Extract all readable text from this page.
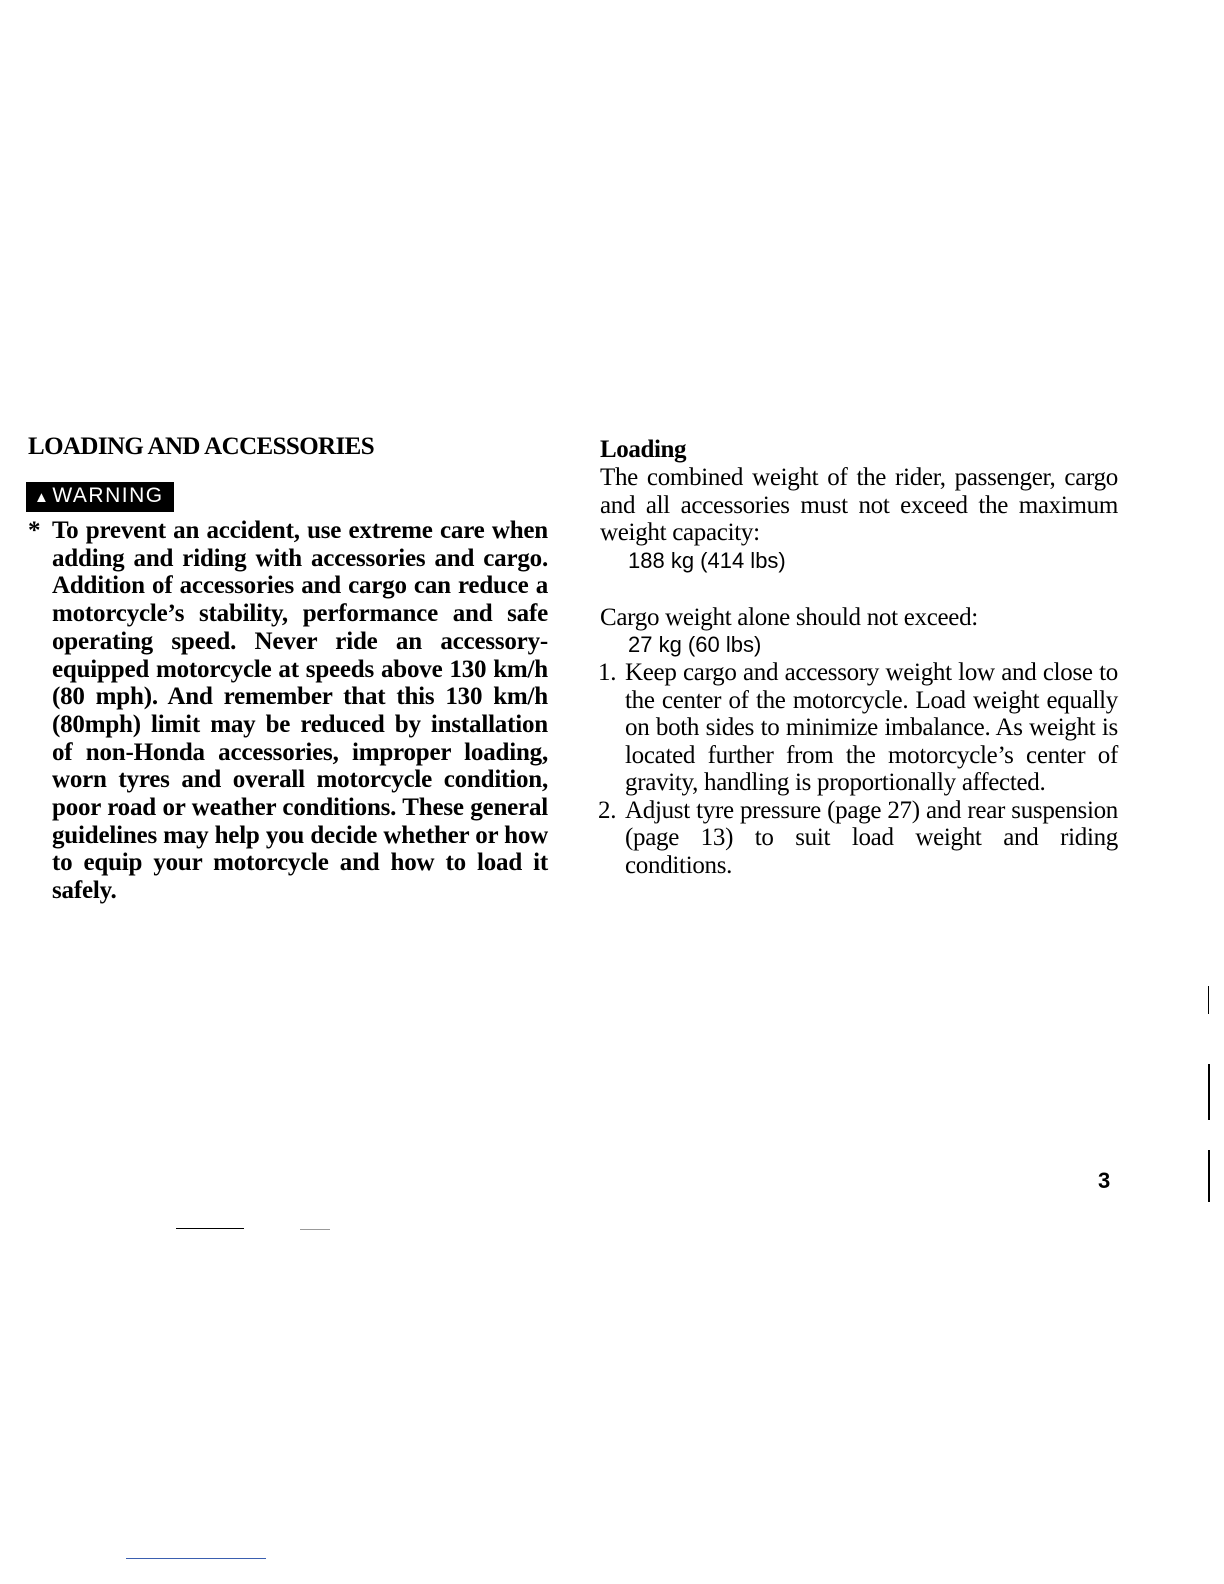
LOADING AND ACCESSORIES
▲WARNING

* To prevent an accident, use extreme care when adding and riding with accessories and cargo. Addition of accessories and cargo can reduce a motorcycle’s stability, performance and safe operating speed. Never ride an accessory-equipped motorcycle at speeds above 130 km/h (80 mph). And remember that this 130 km/h (80mph) limit may be reduced by installation of non-Honda accessories, improper loading, worn tyres and overall motorcycle condition, poor road or weather conditions. These general guidelines may help you decide whether or how to equip your motorcycle and how to load it safely.

Loading

The combined weight of the rider, passenger, cargo and all accessories must not exceed the maximum weight capacity:

188 kg (414 lbs)

Cargo weight alone should not exceed:

27 kg (60 lbs)

1. Keep cargo and accessory weight low and close to the center of the motorcycle. Load weight equally on both sides to minimize imbalance. As weight is located further from the motorcycle’s center of gravity, handling is proportionally affected.
2. Adjust tyre pressure (page 27) and rear suspension (page 13) to suit load weight and riding conditions.
3
